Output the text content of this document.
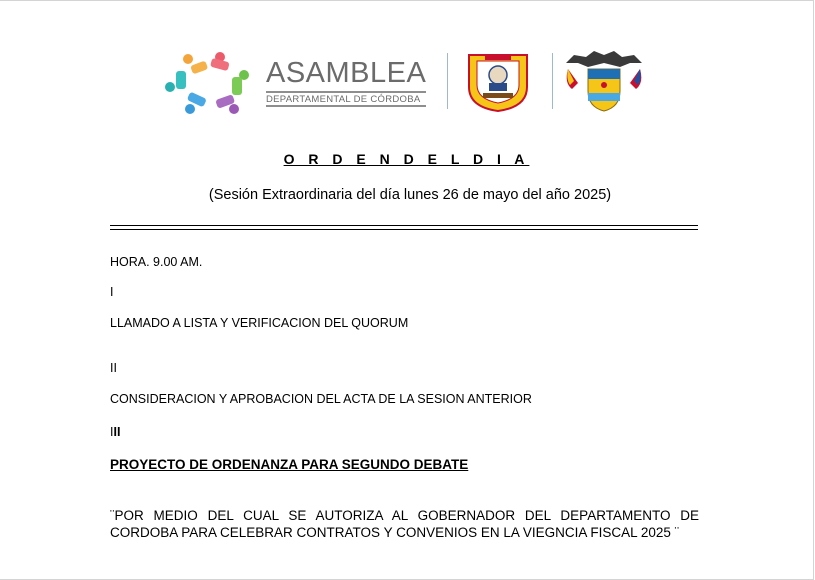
ASAMBLEA
DEPARTAMENTAL DE CÓRDOBA
O R D E N D E L D I A
(Sesión Extraordinaria del día lunes 26 de mayo del año 2025)
HORA. 9.00 AM.
I
LLAMADO A LISTA Y VERIFICACION DEL QUORUM
II
CONSIDERACION Y APROBACION DEL ACTA DE LA SESION ANTERIOR
III
PROYECTO DE ORDENANZA PARA SEGUNDO DEBATE
¨POR MEDIO DEL CUAL SE AUTORIZA AL GOBERNADOR DEL DEPARTAMENTO DE CORDOBA PARA CELEBRAR CONTRATOS Y CONVENIOS EN LA VIEGNCIA FISCAL 2025 ¨
